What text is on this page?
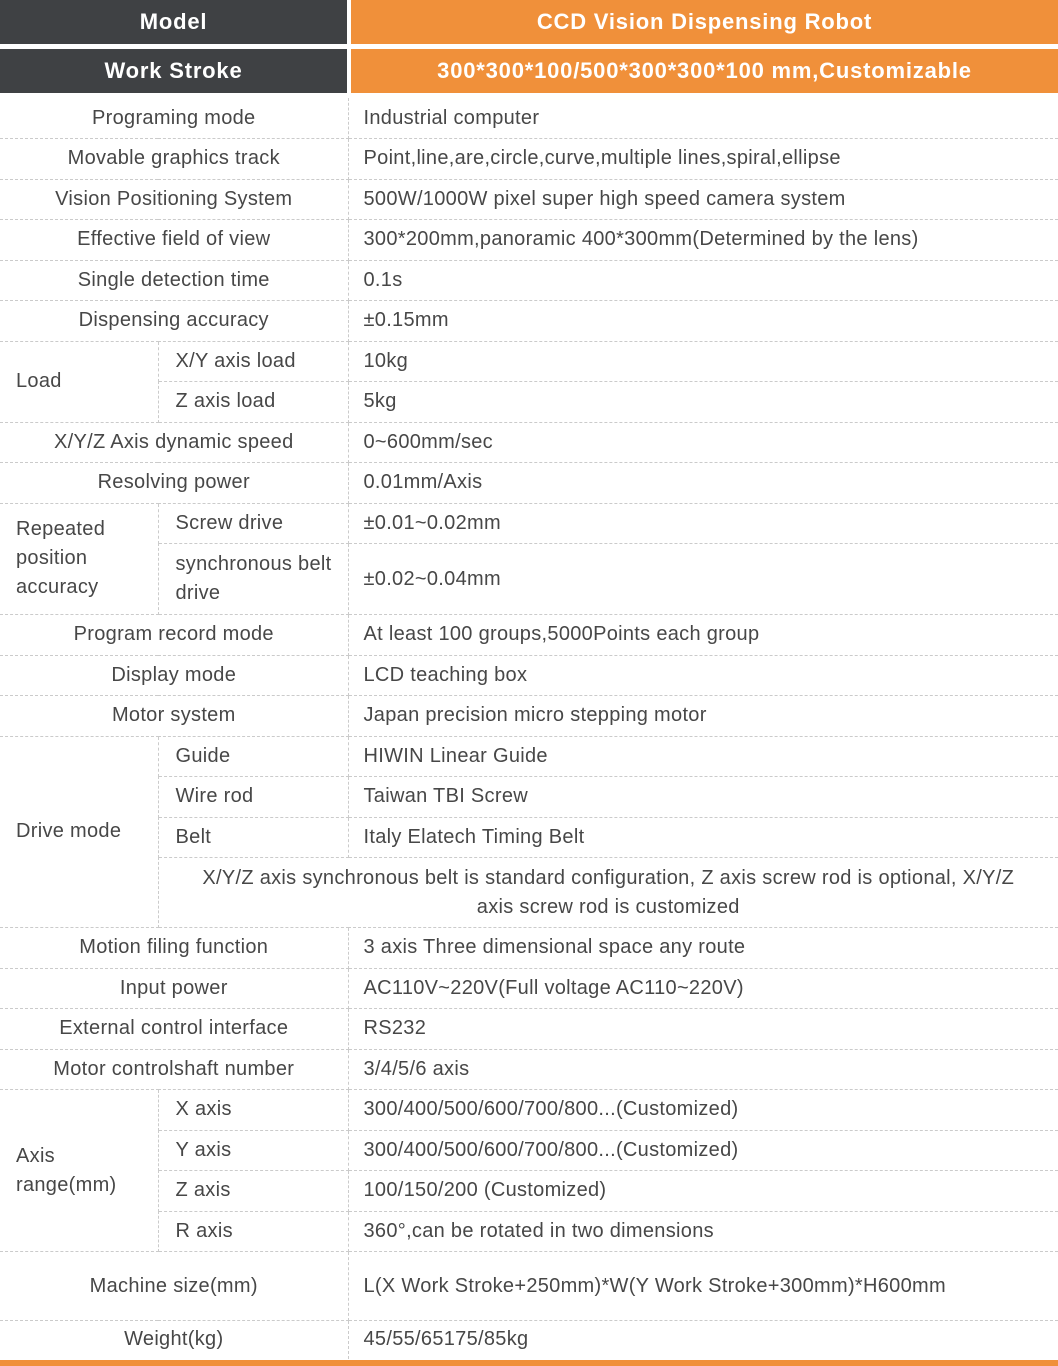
Model	CCD Vision Dispensing Robot
Work Stroke	300*300*100/500*300*300*100 mm,Customizable
Programing mode		Industrial computer
Movable graphics track		Point,line,are,circle,curve,multiple lines,spiral,ellipse
Vision Positioning System		500W/1000W pixel super high speed camera system
Effective field of view		300*200mm,panoramic 400*300mm(Determined by the lens)
Single detection time		0.1s
Dispensing accuracy		±0.15mm
Load	X/Y axis load	10kg
	Z axis load	5kg
X/Y/Z Axis dynamic speed		0~600mm/sec
Resolving power		0.01mm/Axis
Repeated position accuracy	Screw drive	±0.01~0.02mm
	synchronous belt drive	±0.02~0.04mm
Program record mode		At least 100 groups,5000Points each group
Display mode		LCD teaching box
Motor system		Japan precision micro stepping motor
Drive mode	Guide	HIWIN Linear Guide
	Wire rod	Taiwan TBI Screw
	Belt	Italy Elatech Timing Belt
	X/Y/Z axis synchronous belt is standard configuration, Z axis screw rod is optional, X/Y/Z axis screw rod is customized	
Motion filing function		3 axis Three dimensional space any route
Input power		AC110V~220V(Full voltage AC110~220V)
External control interface		RS232
Motor controlshaft number		3/4/5/6 axis
Axis range(mm)	X axis	300/400/500/600/700/800...(Customized)
	Y axis	300/400/500/600/700/800...(Customized)
	Z axis	100/150/200 (Customized)
	R axis	360°,can be rotated in two dimensions
Machine size(mm)		L(X Work Stroke+250mm)*W(Y Work Stroke+300mm)*H600mm
Weight(kg)		45/55/65175/85kg
